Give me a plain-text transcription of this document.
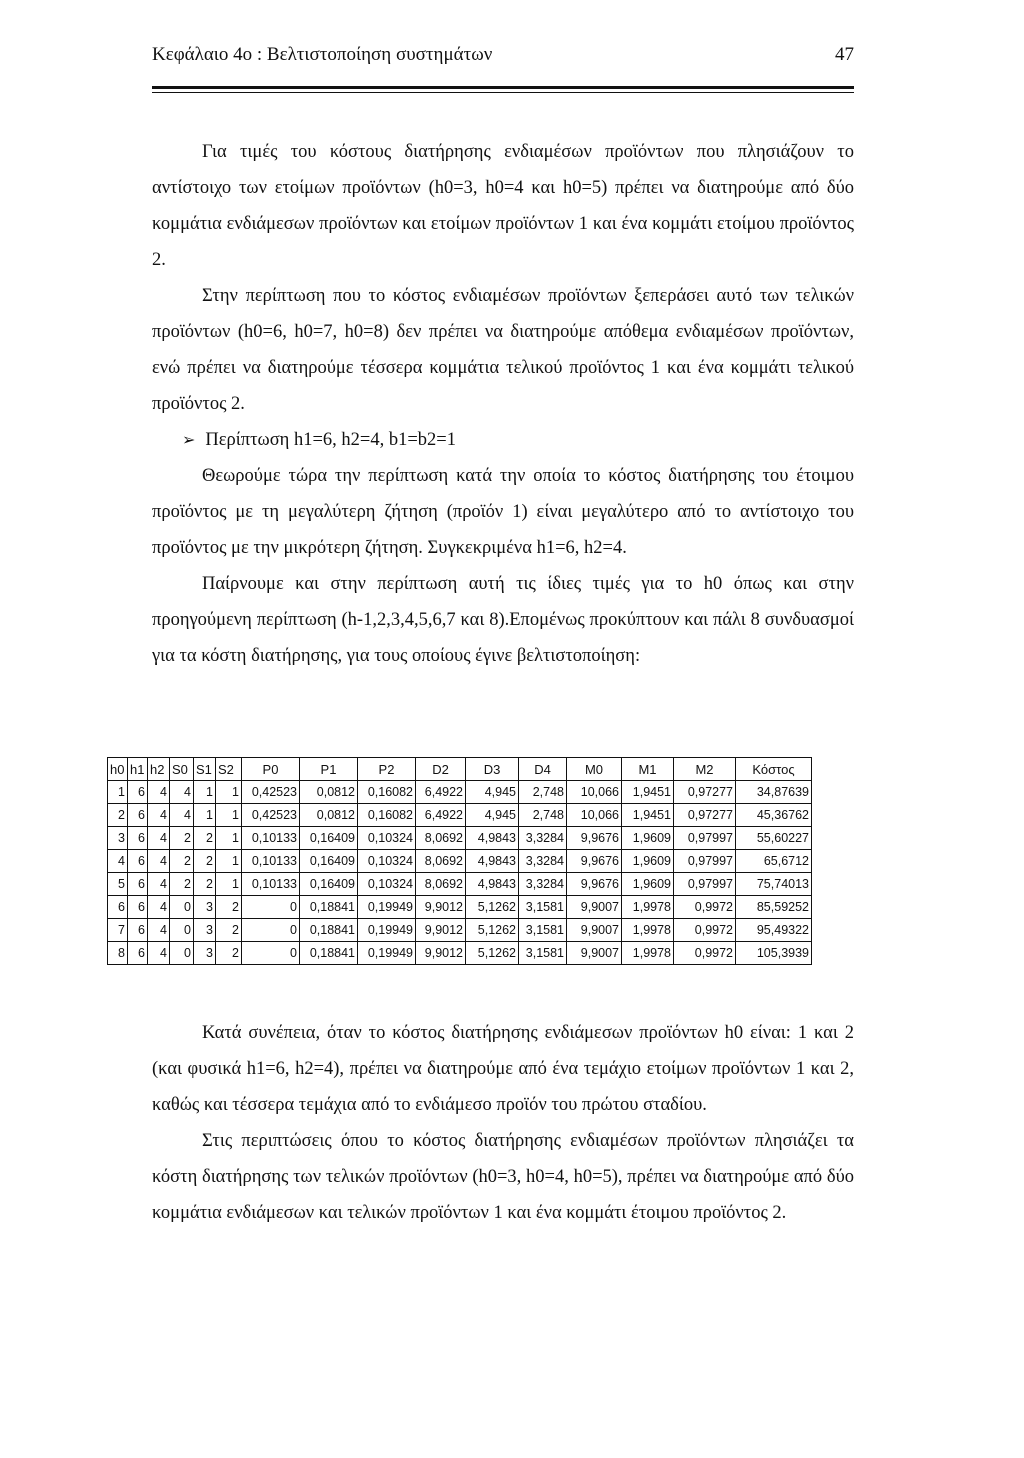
Κεφάλαιο 4ο : Βελτιστοποίηση συστημάτων	47

Για τιμές του κόστους διατήρησης ενδιαμέσων προϊόντων που πλησιάζουν το αντίστοιχο των ετοίμων προϊόντων (h0=3, h0=4 και h0=5) πρέπει να διατηρούμε από δύο κομμάτια ενδιάμεσων προϊόντων και ετοίμων προϊόντων 1 και ένα κομμάτι ετοίμου προϊόντος 2.

Στην περίπτωση που το κόστος ενδιαμέσων προϊόντων ξεπεράσει αυτό των τελικών προϊόντων (h0=6, h0=7, h0=8) δεν πρέπει να διατηρούμε απόθεμα ενδιαμέσων προϊόντων, ενώ πρέπει να διατηρούμε τέσσερα κομμάτια τελικού προϊόντος 1 και ένα κομμάτι τελικού προϊόντος 2.

➢ Περίπτωση h1=6, h2=4, b1=b2=1

Θεωρούμε τώρα την περίπτωση κατά την οποία το κόστος διατήρησης του έτοιμου προϊόντος με τη μεγαλύτερη ζήτηση (προϊόν 1) είναι μεγαλύτερο από το αντίστοιχο του προϊόντος με την μικρότερη ζήτηση. Συγκεκριμένα h1=6, h2=4.

Παίρνουμε και στην περίπτωση αυτή τις ίδιες τιμές για το h0 όπως και στην προηγούμενη περίπτωση (h-1,2,3,4,5,6,7 και 8).Επομένως προκύπτουν και πάλι 8 συνδυασμοί για τα κόστη διατήρησης, για τους οποίους έγινε βελτιστοποίηση:

h0	h1	h2	S0	S1	S2	P0	P1	P2	D2	D3	D4	M0	M1	M2	Κόστος
1	6	4	4	1	1	0,42523	0,0812	0,16082	6,4922	4,945	2,748	10,066	1,9451	0,97277	34,87639
2	6	4	4	1	1	0,42523	0,0812	0,16082	6,4922	4,945	2,748	10,066	1,9451	0,97277	45,36762
3	6	4	2	2	1	0,10133	0,16409	0,10324	8,0692	4,9843	3,3284	9,9676	1,9609	0,97997	55,60227
4	6	4	2	2	1	0,10133	0,16409	0,10324	8,0692	4,9843	3,3284	9,9676	1,9609	0,97997	65,6712
5	6	4	2	2	1	0,10133	0,16409	0,10324	8,0692	4,9843	3,3284	9,9676	1,9609	0,97997	75,74013
6	6	4	0	3	2	0	0,18841	0,19949	9,9012	5,1262	3,1581	9,9007	1,9978	0,9972	85,59252
7	6	4	0	3	2	0	0,18841	0,19949	9,9012	5,1262	3,1581	9,9007	1,9978	0,9972	95,49322
8	6	4	0	3	2	0	0,18841	0,19949	9,9012	5,1262	3,1581	9,9007	1,9978	0,9972	105,3939

Κατά συνέπεια, όταν το κόστος διατήρησης ενδιάμεσων προϊόντων h0 είναι: 1 και 2 (και φυσικά h1=6, h2=4), πρέπει να διατηρούμε από ένα τεμάχιο ετοίμων προϊόντων 1 και 2, καθώς και τέσσερα τεμάχια από το ενδιάμεσο προϊόν του πρώτου σταδίου.

Στις περιπτώσεις όπου το κόστος διατήρησης ενδιαμέσων προϊόντων πλησιάζει τα κόστη διατήρησης των τελικών προϊόντων (h0=3, h0=4, h0=5), πρέπει να διατηρούμε από δύο κομμάτια ενδιάμεσων και τελικών προϊόντων 1 και ένα κομμάτι έτοιμου προϊόντος 2.
